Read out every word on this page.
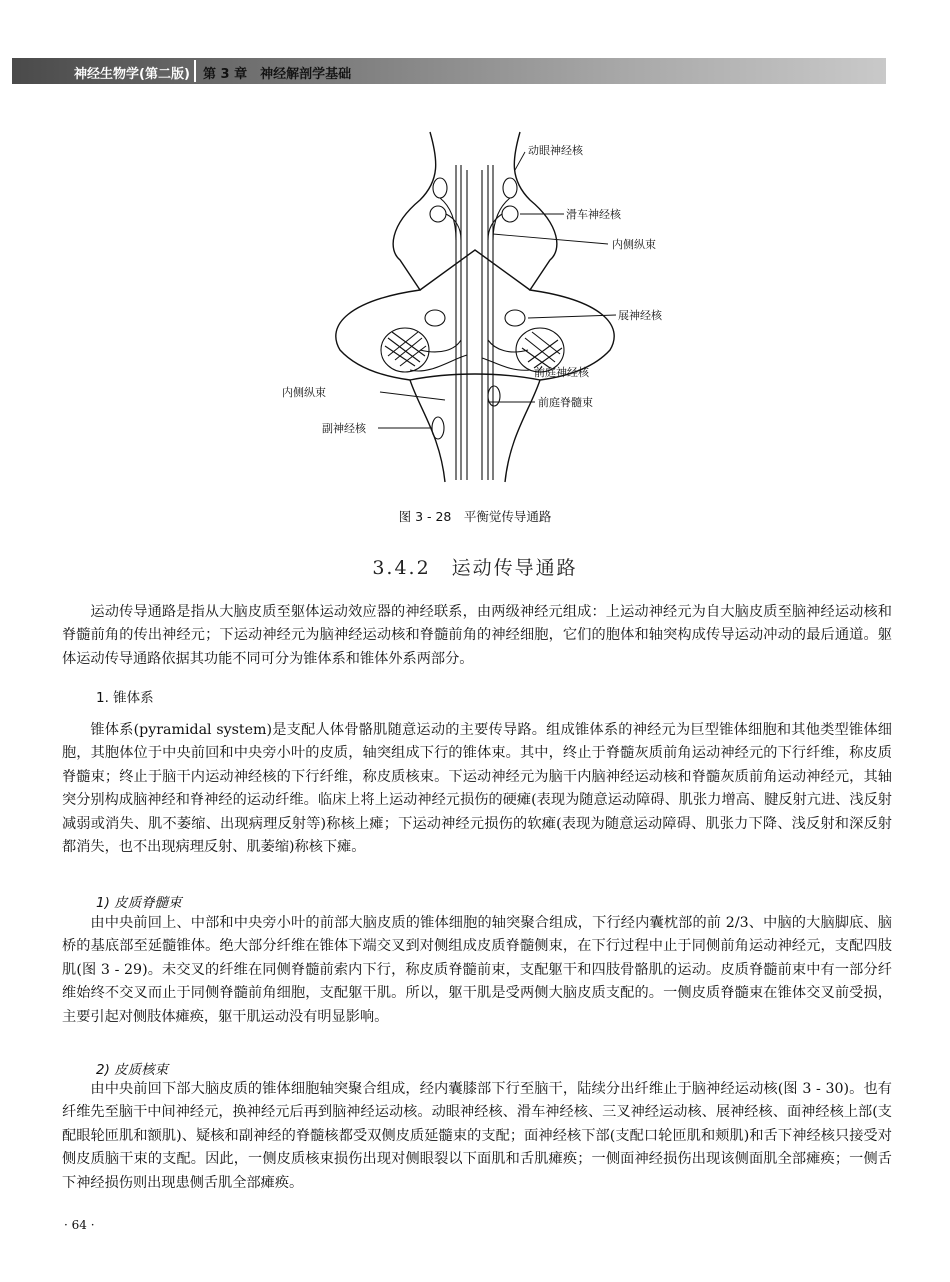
神经生物学(第二版) 第 3 章　神经解剖学基础
动眼神经核
滑车神经核
内侧纵束
展神经核
前庭神经核
内侧纵束
前庭脊髓束
副神经核
图 3 - 28　平衡觉传导通路
3.4.2　运动传导通路

运动传导通路是指从大脑皮质至躯体运动效应器的神经联系，由两级神经元组成：上运动神经元为自大脑皮质至脑神经运动核和脊髓前角的传出神经元；下运动神经元为脑神经运动核和脊髓前角的神经细胞，它们的胞体和轴突构成传导运动冲动的最后通道。躯体运动传导通路依据其功能不同可分为锥体系和锥体外系两部分。

1. 锥体系

锥体系(pyramidal system)是支配人体骨骼肌随意运动的主要传导路。组成锥体系的神经元为巨型锥体细胞和其他类型锥体细胞，其胞体位于中央前回和中央旁小叶的皮质，轴突组成下行的锥体束。其中，终止于脊髓灰质前角运动神经元的下行纤维，称皮质脊髓束；终止于脑干内运动神经核的下行纤维，称皮质核束。下运动神经元为脑干内脑神经运动核和脊髓灰质前角运动神经元，其轴突分别构成脑神经和脊神经的运动纤维。临床上将上运动神经元损伤的硬瘫(表现为随意运动障碍、肌张力增高、腱反射亢进、浅反射减弱或消失、肌不萎缩、出现病理反射等)称核上瘫；下运动神经元损伤的软瘫(表现为随意运动障碍、肌张力下降、浅反射和深反射都消失，也不出现病理反射、肌萎缩)称核下瘫。

1) 皮质脊髓束

由中央前回上、中部和中央旁小叶的前部大脑皮质的锥体细胞的轴突聚合组成，下行经内囊枕部的前 2/3、中脑的大脑脚底、脑桥的基底部至延髓锥体。绝大部分纤维在锥体下端交叉到对侧组成皮质脊髓侧束，在下行过程中止于同侧前角运动神经元，支配四肢肌(图 3 - 29)。未交叉的纤维在同侧脊髓前索内下行，称皮质脊髓前束，支配躯干和四肢骨骼肌的运动。皮质脊髓前束中有一部分纤维始终不交叉而止于同侧脊髓前角细胞，支配躯干肌。所以，躯干肌是受两侧大脑皮质支配的。一侧皮质脊髓束在锥体交叉前受损，主要引起对侧肢体瘫痪，躯干肌运动没有明显影响。

2) 皮质核束

由中央前回下部大脑皮质的锥体细胞轴突聚合组成，经内囊膝部下行至脑干，陆续分出纤维止于脑神经运动核(图 3 - 30)。也有纤维先至脑干中间神经元，换神经元后再到脑神经运动核。动眼神经核、滑车神经核、三叉神经运动核、展神经核、面神经核上部(支配眼轮匝肌和额肌)、疑核和副神经的脊髓核都受双侧皮质延髓束的支配；面神经核下部(支配口轮匝肌和颊肌)和舌下神经核只接受对侧皮质脑干束的支配。因此，一侧皮质核束损伤出现对侧眼裂以下面肌和舌肌瘫痪；一侧面神经损伤出现该侧面肌全部瘫痪；一侧舌下神经损伤则出现患侧舌肌全部瘫痪。

· 64 ·
